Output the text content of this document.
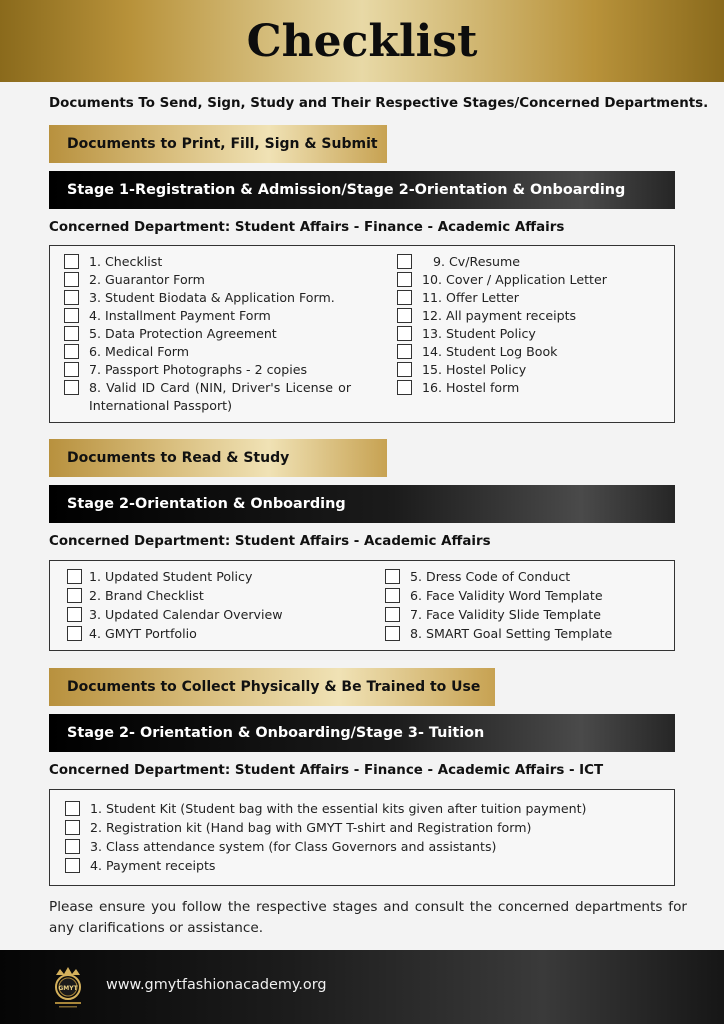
Checklist
Documents To Send, Sign, Study and Their Respective Stages/Concerned Departments.
Documents to Print, Fill, Sign & Submit
Stage 1-Registration & Admission/Stage 2-Orientation & Onboarding
Concerned Department: Student Affairs - Finance - Academic Affairs
1. Checklist
2. Guarantor Form
3. Student Biodata & Application Form.
4. Installment Payment Form
5. Data Protection Agreement
6. Medical Form
7. Passport Photographs - 2 copies
8. Valid ID Card (NIN, Driver's License or International Passport)
9. Cv/Resume
10. Cover / Application Letter
11. Offer Letter
12. All payment receipts
13. Student Policy
14. Student Log Book
15. Hostel Policy
16. Hostel form
Documents to Read & Study
Stage 2-Orientation & Onboarding
Concerned Department: Student Affairs - Academic Affairs
1. Updated Student Policy
2. Brand Checklist
3. Updated Calendar Overview
4. GMYT Portfolio
5. Dress Code of Conduct
6. Face Validity Word Template
7. Face Validity Slide Template
8. SMART Goal Setting Template
Documents to Collect Physically & Be Trained to Use
Stage 2- Orientation & Onboarding/Stage 3- Tuition
Concerned Department: Student Affairs - Finance - Academic Affairs - ICT
1. Student Kit (Student bag with the essential kits given after tuition payment)
2. Registration kit (Hand bag with GMYT T-shirt and Registration form)
3. Class attendance system (for Class Governors and assistants)
4. Payment receipts
Please ensure you follow the respective stages and consult the concerned departments for any clarifications or assistance.
GMYT www.gmytfashionacademy.org
